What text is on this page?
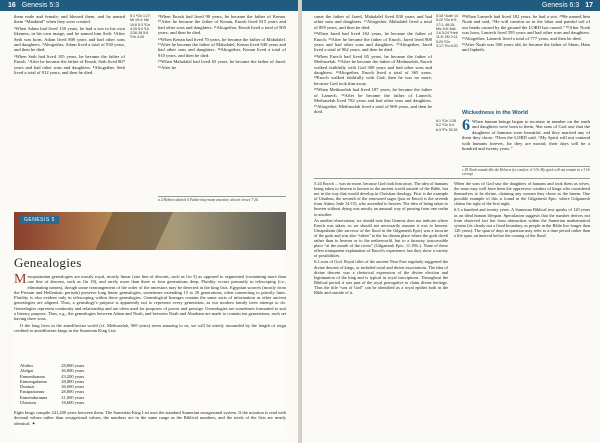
16 Genesis 5:3

them male and female; and blessed them, and he named them “Mankind” when they were created.

³When Adam had lived 130 years, he had a son in his own likeness, in his own image; and he named him Seth. ⁴After Seth was born, Adam lived 800 years and had other sons and daughters. ⁵Altogether, Adam lived a total of 930 years, and then he died.

⁶When Seth had lived 105 years, he became the father of Enosh. ⁷After he became the father of Enosh, Seth lived 807 years and had other sons and daughters. ⁸Altogether, Seth lived a total of 912 years, and then he died.

5:1 ¹Gn 1:27; Mt 19:4; Mk 10:6 5:3 ¹Gn 4:25 5:4 ¹Lk 3:36-38 5:6 ¹Gn 4:26

⁹When Enosh had lived 90 years, he became the father of Kenan. ¹⁰After he became the father of Kenan, Enosh lived 815 years and had other sons and daughters. ¹¹Altogether, Enosh lived a total of 905 years, and then he died.

¹²When Kenan had lived 70 years, he became the father of Mahalalel. ¹³After he became the father of Mahalalel, Kenan lived 840 years and had other sons and daughters. ¹⁴Altogether, Kenan lived a total of 910 years, and then he died.

¹⁵When Mahalalel had lived 65 years, he became the father of Jared. ¹⁶After he

a 2 Hebrew adam b 6 Father may mean ancestor; also in verses 7-26.
GENESIS 5
Genealogies

Mesopotamian genealogies are mostly royal, mostly linear (one line of descent, such as Gn 5) as opposed to segmented (containing more than one line of descent, such as Gn 10), and rarely more than three or four generations deep. Fluidity occurs primarily in telescoping (i.e., eliminating names), though some rearrangement of the order of the ancestors may be detected in the king lists. Egyptian sources (mostly from the Persian and Hellenistic periods) preserve long linear genealogies, sometimes extending 15 to 20 generations, often connecting to priestly lines. Fluidity is also evident only in telescoping within these genealogies. Genealogical lineages contain the same sorts of information as other ancient genealogies are aligned. Thus, a genealogy's purpose is apparently not to represent every generation, as our modern family trees attempt to do. Genealogies represent continuity and relationship and are often used for purposes of power and prestige. Genealogies are sometimes formatted to suit a literary purpose. Thus, e.g., the genealogies between Adam and Noah, and between Noah and Abraham are made to contain ten generations, each set having three sons.

If the long lives in the antediluvian world (cf. Methuselah, 969 years) seem amazing to us, we will be utterly astounded by the length of reign credited to antediluvian kings in the Sumerian King List:

Alulim	28,800 years
Alalgar	36,000 years
Enmenluanna	43,200 years
Enmengalanna	28,800 years
Dumuzi	36,000 years
Ensipazianna	28,800 years
Enmenduranna	21,000 years
Ubartutu	18,600 years
Eight kings compile 241,200 years between them. The Sumerian King List uses the standard Sumerian sexagesimal system. If the notation is read with decimal values rather than sexagesimal values, the numbers are in the same range as the Biblical numbers, and the totals of the lists are nearly identical. ✦
Genesis 6:3 17

came the father of Jared, Mahalalel lived 830 years and had other sons and daughters. ¹⁷Altogether, Mahalalel lived a total of 895 years, and then he died.

¹⁸When Jared had lived 162 years, he became the father of Enoch. ¹⁹After he became the father of Enoch, Jared lived 800 years and had other sons and daughters. ²⁰Altogether, Jared lived a total of 962 years, and then he died.

²¹When Enoch had lived 65 years, he became the father of Methuselah. ²²After he became the father of Methuselah, Enoch walked faithfully with God 300 years and had other sons and daughters. ²³Altogether, Enoch lived a total of 365 years. ²⁴Enoch walked faithfully with God; then he was no more, because God took him away.

²⁵When Methuselah had lived 187 years, he became the father of Lamech. ²⁶After he became the father of Lamech, Methuselah lived 782 years and had other sons and daughters. ²⁷Altogether, Methuselah lived a total of 969 years, and then he died.

5:18 ¹Jude 14 5:22 ¹Gn 6:9; 17:1; 48:15; Mic 6:8; Mal 2:6 5:24 ¹Heb 11:5; 2Ki 2:11 5:29 ¹Gn 3:17; Ro 8:20

²⁸When Lamech had lived 182 years, he had a son. ²⁹He named him Noah and said, “He will comfort us in the labor and painful toil of our hands caused by the ground the LORD has cursed.” ³⁰After Noah was born, Lamech lived 595 years and had other sons and daughters. ³¹Altogether, Lamech lived a total of 777 years, and then he died.

³²After Noah was 500 years old, he became the father of Shem, Ham and Japheth.

Wickedness in the World

6 When human beings began to increase in number on the earth and daughters were born to them, ²the sons of God saw that the daughters of humans were beautiful, and they married any of them they chose. ³Then the LORD said, “My Spirit will not contend with humans forever, for they are mortal; their days will be a hundred and twenty years.”

6:1 ¹Gn 1:28 6:2 ¹Gn 6:4 6:3 ¹Ps 78:39
c 29 Noah sounds like the Hebrew for comfort. d 3 Or My spirit will not remain in e 3 Or corrupt

5:24 Enoch ... was no more, because God took him away. The idea of humans being taken to heaven is known in the ancient world outside of the Bible, but not in the way that would develop in Christian theology. First is the example of Utuabzu, the seventh of the renowned sages (just as Enoch is the seventh from Adam; Jude 14-15), who ascended to heaven. The idea of being taken to heaven without dying was mostly an unusual way of passing from one realm to another.

As another observation, we should note that Genesis does not indicate where Enoch was taken, so we should not necessarily assume it was to heaven. Utnapishtim (the survivor of the flood in the Gilgamesh Epic) was a favorite of the gods and was also “taken” to the far distant place where the gods dwelt rather than to heaven or to the netherworld, but to a faraway, inaccessible place “at the mouth of the rivers” (Gilgamesh Epic, 11.196–). None of these offers transparent explanation of Enoch's experience, but they show a variety of possibilities.

6:2 sons of God. Royal titles of the ancient Near East regularly suggested the divine descent of kings, or included royal and divine associations. The idea of divine descent was a rhetorical expression of the divine election and legitimation of the king and is typical in royal inscriptions. Throughout the Biblical period it was part of the royal prerogative to claim divine heritage. Thus the title “son of God” can be identified as a royal epithet both in the Bible and outside of it.

When the sons of God saw the daughters of humans and took them as wives, the issue may well have been the oppressive conduct of kings who considered themselves to be divine, claiming any woman they chose as the harem. One possible example of this is found in the Gilgamesh Epic, where Gilgamesh claims the right of the first night.

6:3 a hundred and twenty years. A Sumerian Biblical text speaks of 120 years as an ideal human lifespan. Speculation suggests that the number derives not from observed fact but from abstraction within the Sumerian mathematical system (its clearly not a fixed boundary, as people in the Bible live longer than 120 years). The span of days in question may refer to a time period rather than a life span, an interval before the coming of the flood.
